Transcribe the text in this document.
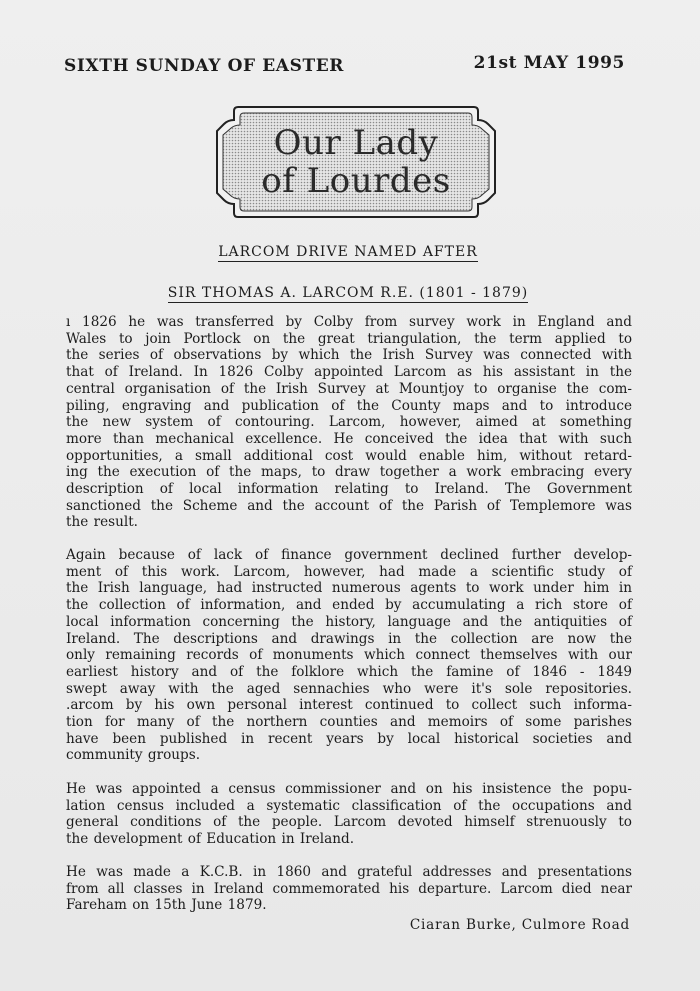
SIXTH SUNDAY OF EASTER	21st MAY 1995
Our Lady
of Lourdes
LARCOM DRIVE NAMED AFTER
SIR THOMAS A. LARCOM R.E. (1801 - 1879)
ı 1826 he was transferred by Colby from survey work in England and
Wales to join Portlock on the great triangulation, the term applied to
the series of observations by which the Irish Survey was connected with
that of Ireland. In 1826 Colby appointed Larcom as his assistant in the
central organisation of the Irish Survey at Mountjoy to organise the com-
piling, engraving and publication of the County maps and to introduce
the new system of contouring. Larcom, however, aimed at something
more than mechanical excellence. He conceived the idea that with such
opportunities, a small additional cost would enable him, without retard-
ing the execution of the maps, to draw together a work embracing every
description of local information relating to Ireland. The Government
sanctioned the Scheme and the account of the Parish of Templemore was
the result.
Again because of lack of finance government declined further develop-
ment of this work. Larcom, however, had made a scientific study of
the Irish language, had instructed numerous agents to work under him in
the collection of information, and ended by accumulating a rich store of
local information concerning the history, language and the antiquities of
Ireland. The descriptions and drawings in the collection are now the
only remaining records of monuments which connect themselves with our
earliest history and of the folklore which the famine of 1846 - 1849
swept away with the aged sennachies who were it's sole repositories.
.arcom by his own personal interest continued to collect such informa-
tion for many of the northern counties and memoirs of some parishes
have been published in recent years by local historical societies and
community groups.
He was appointed a census commissioner and on his insistence the popu-
lation census included a systematic classification of the occupations and
general conditions of the people. Larcom devoted himself strenuously to
the development of Education in Ireland.
He was made a K.C.B. in 1860 and grateful addresses and presentations
from all classes in Ireland commemorated his departure. Larcom died near
Fareham on 15th June 1879.
Ciaran Burke, Culmore Road
